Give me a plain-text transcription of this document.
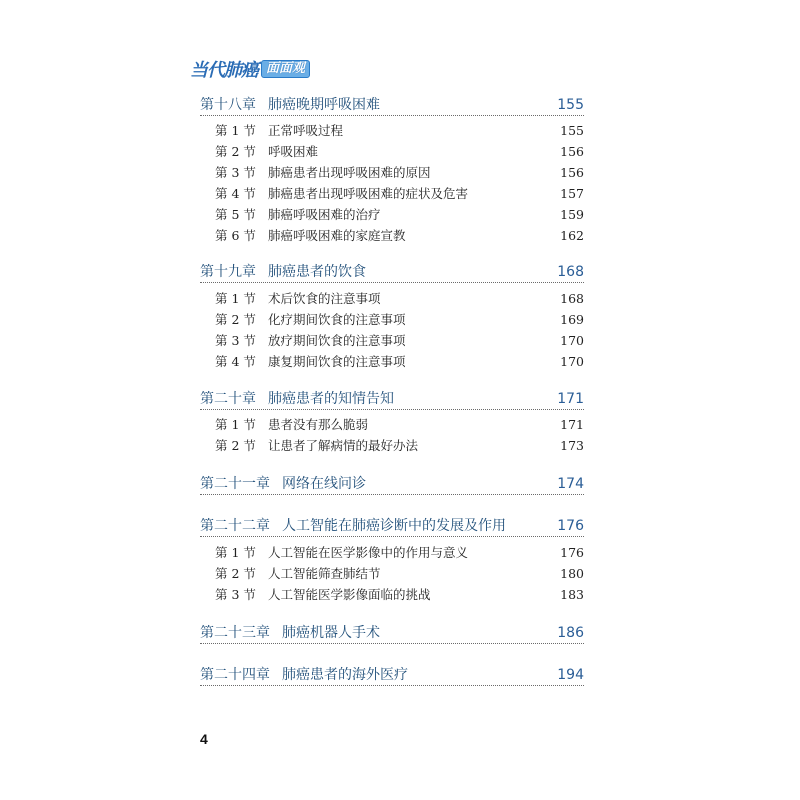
当代肺癌 面面观
第十八章 肺癌晚期呼吸困难	155
第 1 节 正常呼吸过程	155
第 2 节 呼吸困难	156
第 3 节 肺癌患者出现呼吸困难的原因	156
第 4 节 肺癌患者出现呼吸困难的症状及危害	157
第 5 节 肺癌呼吸困难的治疗	159
第 6 节 肺癌呼吸困难的家庭宣教	162
第十九章 肺癌患者的饮食	168
第 1 节 术后饮食的注意事项	168
第 2 节 化疗期间饮食的注意事项	169
第 3 节 放疗期间饮食的注意事项	170
第 4 节 康复期间饮食的注意事项	170
第二十章 肺癌患者的知情告知	171
第 1 节 患者没有那么脆弱	171
第 2 节 让患者了解病情的最好办法	173
第二十一章 网络在线问诊	174
第二十二章 人工智能在肺癌诊断中的发展及作用	176
第 1 节 人工智能在医学影像中的作用与意义	176
第 2 节 人工智能筛查肺结节	180
第 3 节 人工智能医学影像面临的挑战	183
第二十三章 肺癌机器人手术	186
第二十四章 肺癌患者的海外医疗	194
4
